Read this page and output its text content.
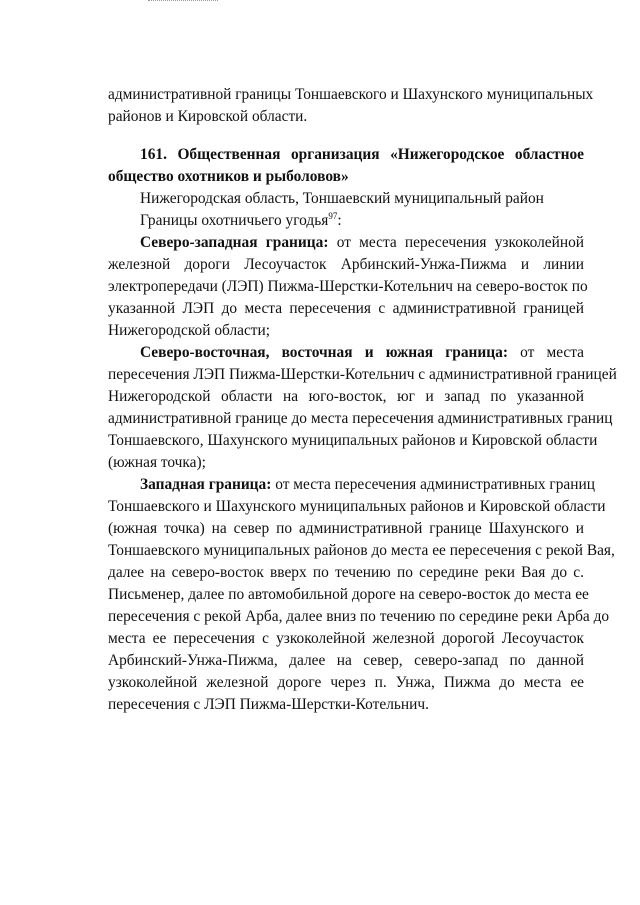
административной границы Тоншаевского и Шахунского муниципальных
районов и Кировской области.
161. Общественная организация «Нижегородское областное
общество охотников и рыболовов»
Нижегородская область, Тоншаевский муниципальный район
Границы охотничьего угодья$^{97}$:
Северо-западная граница: от места пересечения узкоколейной
железной дороги Лесоучасток Арбинский-Унжа-Пижма и линии
электропередачи (ЛЭП) Пижма-Шерстки-Котельнич на северо-восток по
указанной ЛЭП до места пересечения с административной границей
Нижегородской области;
Северо-восточная, восточная и южная граница: от места
пересечения ЛЭП Пижма-Шерстки-Котельнич с административной границей
Нижегородской области на юго-восток, юг и запад по указанной
административной границе до места пересечения административных границ
Тоншаевского, Шахунского муниципальных районов и Кировской области
(южная точка);
Западная граница: от места пересечения административных границ
Тоншаевского и Шахунского муниципальных районов и Кировской области
(южная точка) на север по административной границе Шахунского и
Тоншаевского муниципальных районов до места ее пересечения с рекой Вая,
далее на северо-восток вверх по течению по середине реки Вая до с.
Письменер, далее по автомобильной дороге на северо-восток до места ее
пересечения с рекой Арба, далее вниз по течению по середине реки Арба до
места ее пересечения с узкоколейной железной дорогой Лесоучасток
Арбинский-Унжа-Пижма, далее на север, северо-запад по данной
узкоколейной железной дороге через п. Унжа, Пижма до места ее
пересечения с ЛЭП Пижма-Шерстки-Котельнич.
